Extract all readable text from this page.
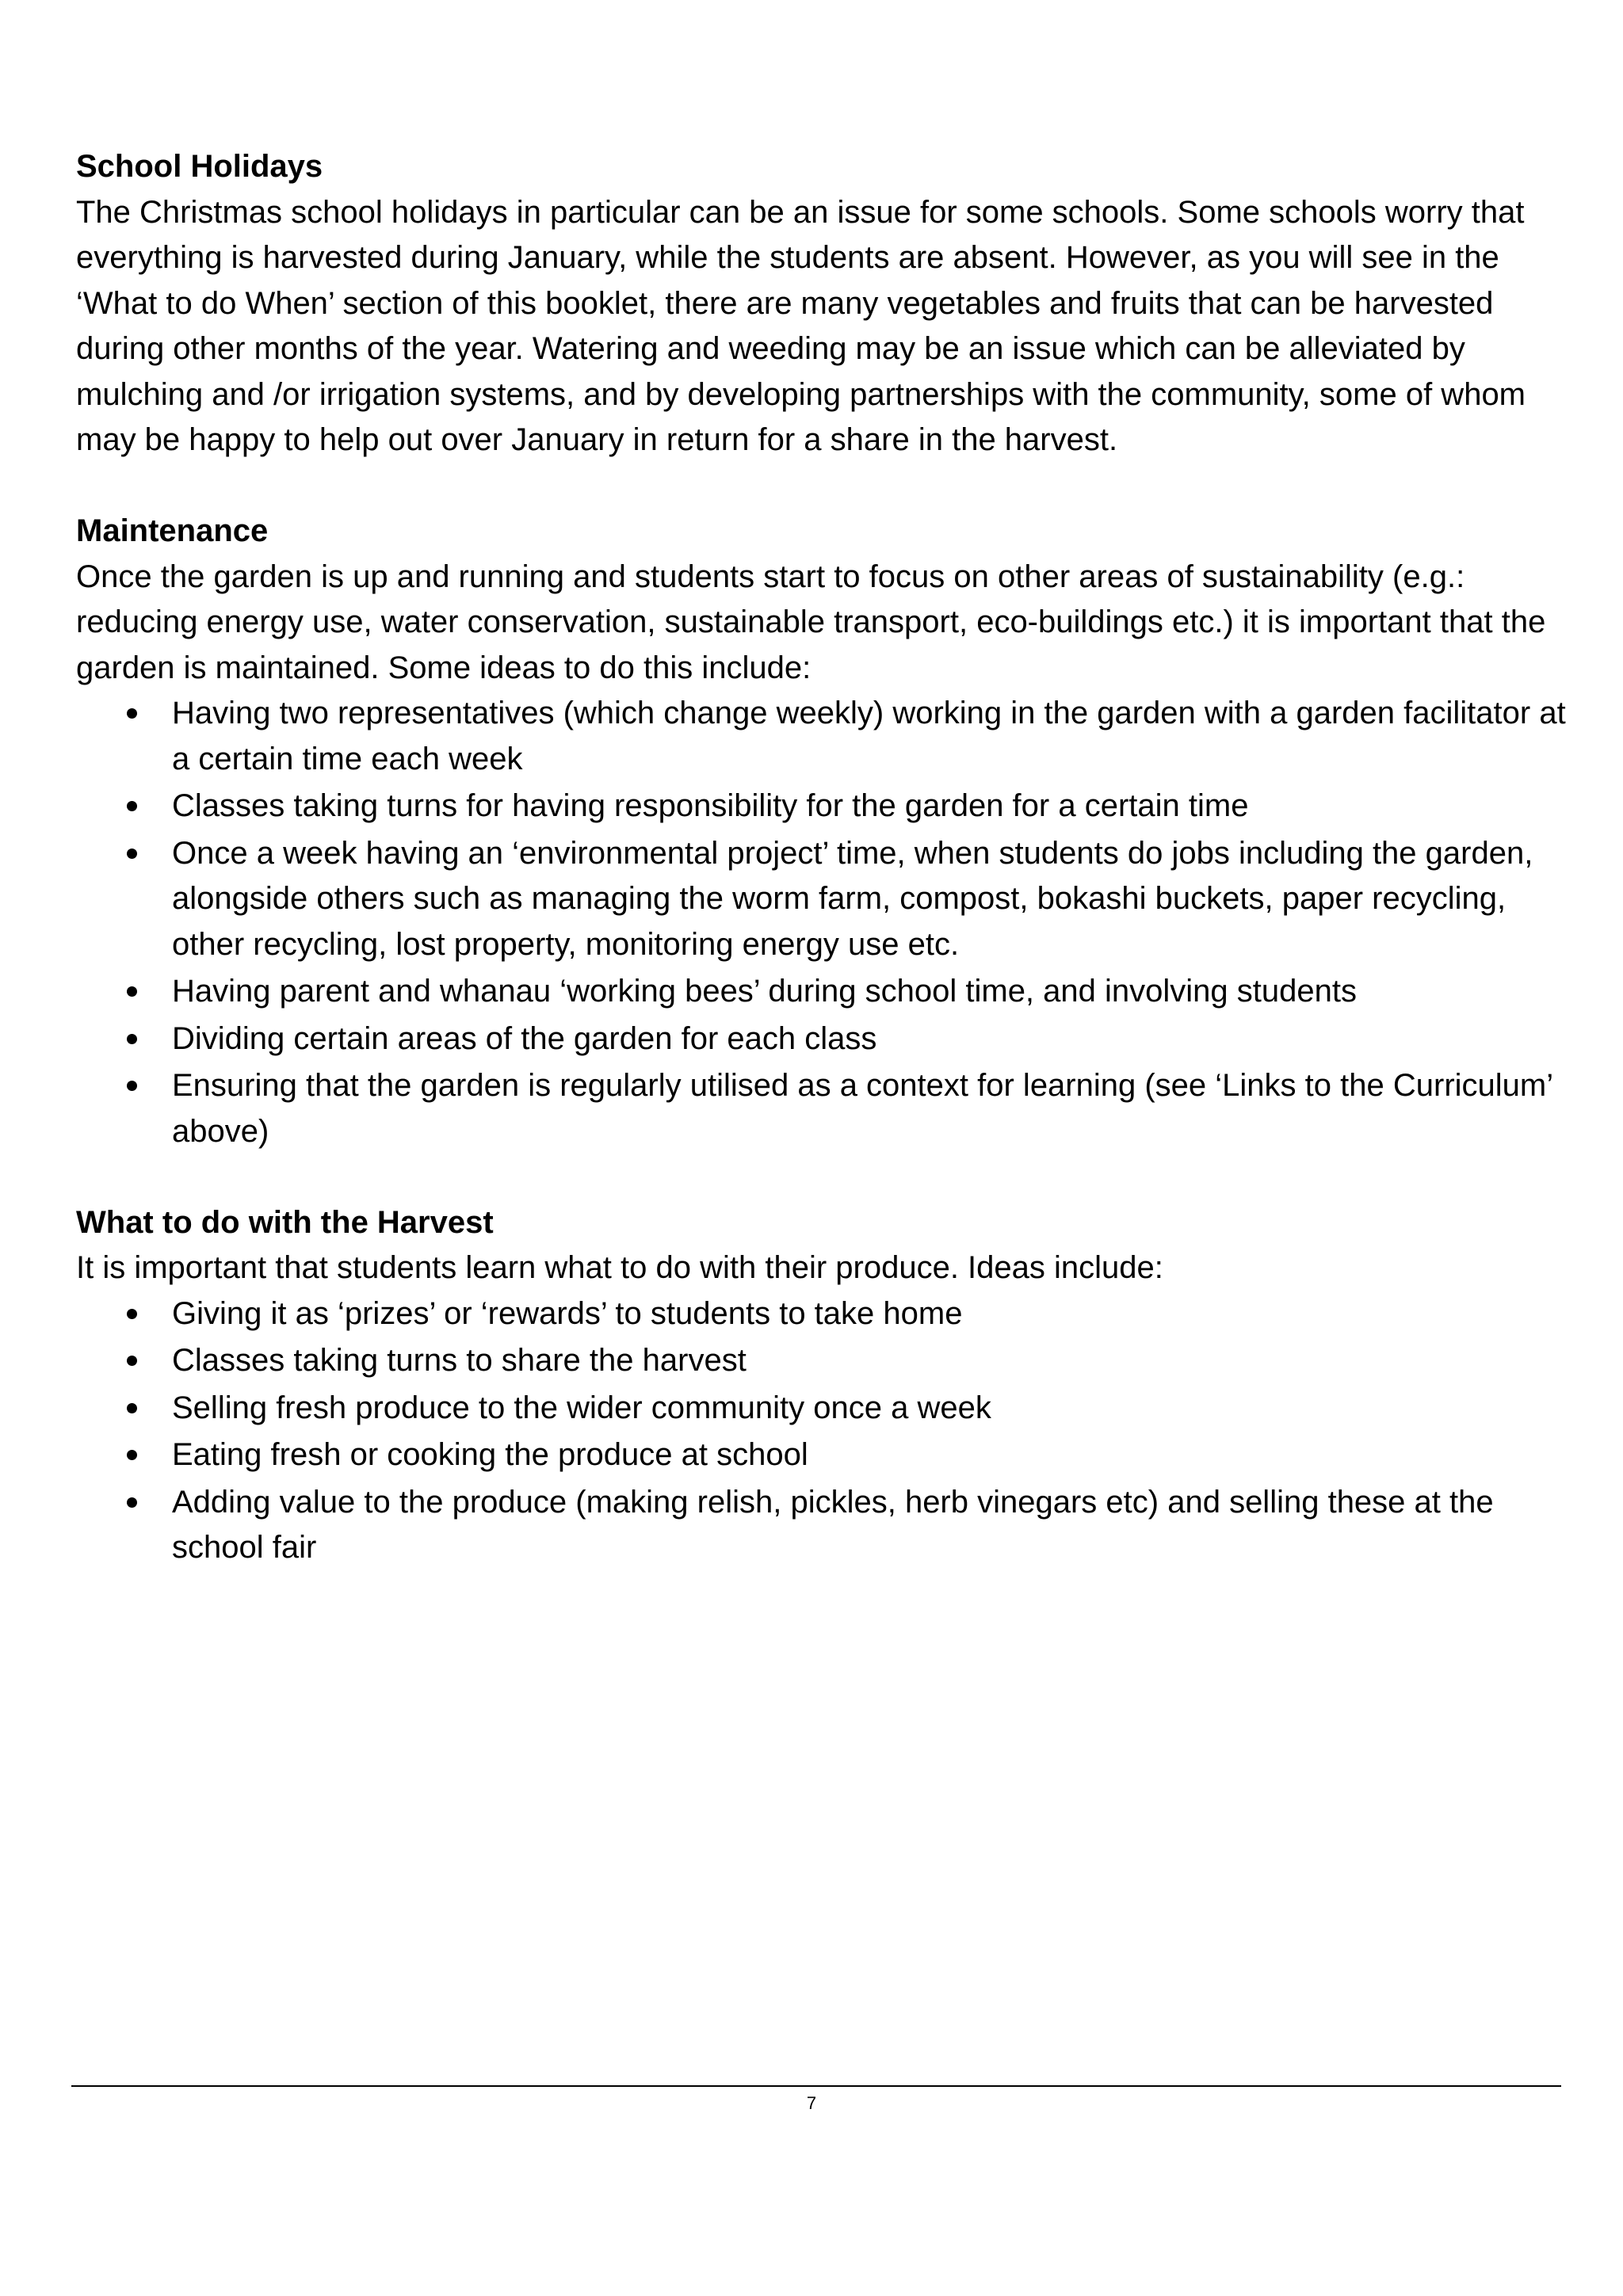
School Holidays

The Christmas school holidays in particular can be an issue for some schools. Some schools worry that everything is harvested during January, while the students are absent. However, as you will see in the ‘What to do When’ section of this booklet, there are many vegetables and fruits that can be harvested during other months of the year. Watering and weeding may be an issue which can be alleviated by mulching and /or irrigation systems, and by developing partnerships with the community, some of whom may be happy to help out over January in return for a share in the harvest.

Maintenance

Once the garden is up and running and students start to focus on other areas of sustainability (e.g.: reducing energy use, water conservation, sustainable transport, eco-buildings etc.) it is important that the garden is maintained. Some ideas to do this include:

Having two representatives (which change weekly) working in the garden with a garden facilitator at a certain time each week
Classes taking turns for having responsibility for the garden for a certain time
Once a week having an ‘environmental project’ time, when students do jobs including the garden, alongside others such as managing the worm farm, compost, bokashi buckets, paper recycling, other recycling, lost property, monitoring energy use etc.
Having parent and whanau ‘working bees’ during school time, and involving students
Dividing certain areas of the garden for each class
Ensuring that the garden is regularly utilised as a context for learning (see ‘Links to the Curriculum’ above)

What to do with the Harvest

It is important that students learn what to do with their produce. Ideas include:

Giving it as ‘prizes’ or ‘rewards’ to students to take home
Classes taking turns to share the harvest
Selling fresh produce to the wider community once a week
Eating fresh or cooking the produce at school
Adding value to the produce (making relish, pickles, herb vinegars etc) and selling these at the school fair
7
